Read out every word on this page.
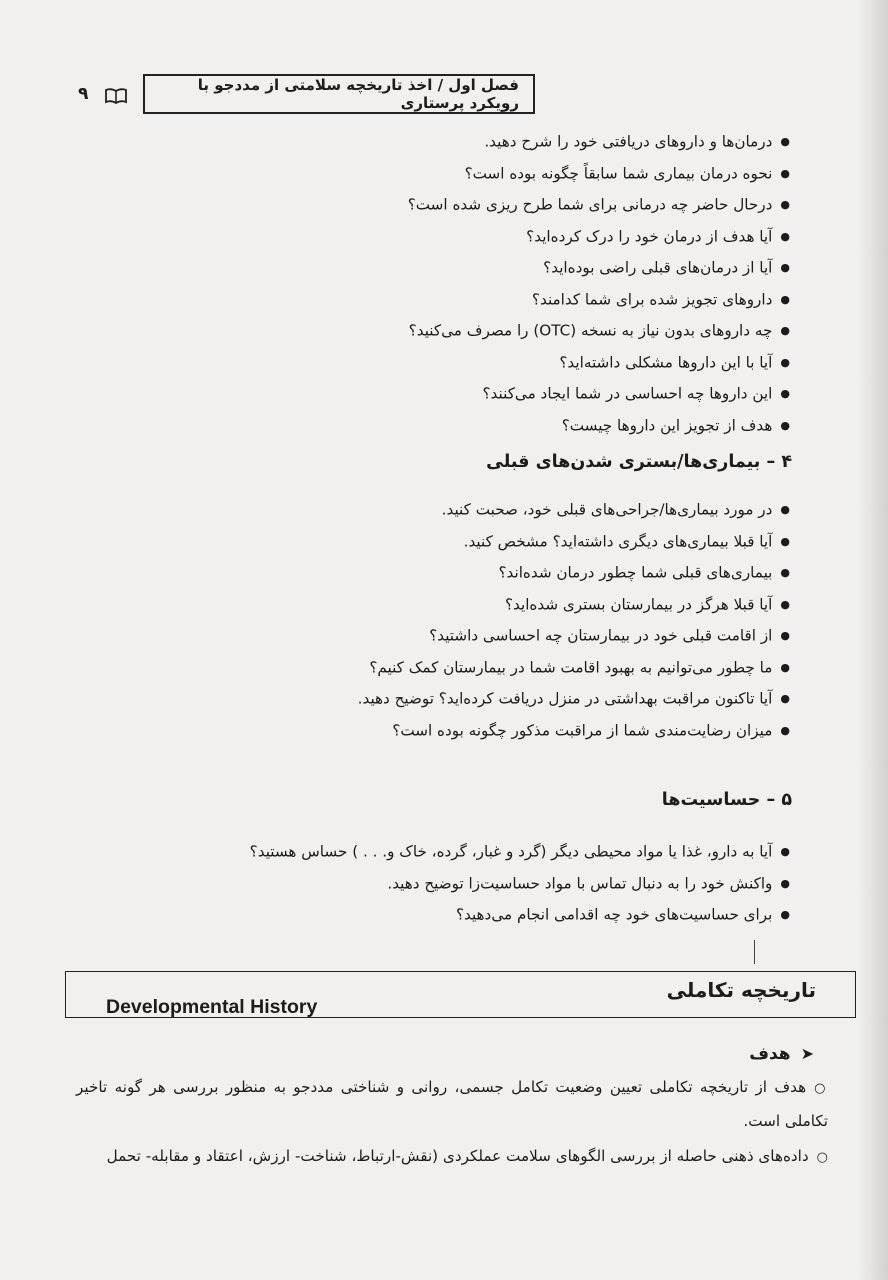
فصل اول / اخذ تاریخچه سلامتی از مددجو با رویکرد پرستاری
۹
●درمان‌ها و داروهای دریافتی خود را شرح دهید.
●نحوه درمان بیماری شما سابقاً چگونه بوده است؟
●درحال حاضر چه درمانی برای شما طرح ریزی شده است؟
●آیا هدف از درمان خود را درک کرده‌اید؟
●آیا از درمان‌های قبلی راضی بوده‌اید؟
●داروهای تجویز شده برای شما کدامند؟
●چه داروهای بدون نیاز به نسخه (OTC) را مصرف می‌کنید؟
●آیا با این داروها مشکلی داشته‌اید؟
●این داروها چه احساسی در شما ایجاد می‌کنند؟
●هدف از تجویز این داروها چیست؟
۴ – بیماری‌ها/بستری شدن‌های قبلی
●در مورد بیماری‌ها/جراحی‌های قبلی خود، صحبت کنید.
●آیا قبلا بیماری‌های دیگری داشته‌اید؟ مشخص کنید.
●بیماری‌های قبلی شما چطور درمان شده‌اند؟
●آیا قبلا هرگز در بیمارستان بستری شده‌اید؟
●از اقامت قبلی خود در بیمارستان چه احساسی داشتید؟
●ما چطور می‌توانیم به بهبود اقامت شما در بیمارستان کمک کنیم؟
●آیا تاکنون مراقبت بهداشتی در منزل دریافت کرده‌اید؟ توضیح دهید.
●میزان رضایت‌مندی شما از مراقبت مذکور چگونه بوده است؟
۵ – حساسیت‌ها
●آیا به دارو، غذا یا مواد محیطی دیگر (گرد و غبار، گرده، خاک و. . . ) حساس هستید؟
●واکنش خود را به دنبال تماس با مواد حساسیت‌زا توضیح دهید.
●برای حساسیت‌های خود چه اقدامی انجام می‌دهید؟
Developmental History
تاریخچه تکاملی
➤هدف
○هدف از تاریخچه تکاملی تعیین وضعیت تکامل جسمی، روانی و شناختی مددجو به منظور بررسی هر گونه تاخیر تکاملی است.
○داده‌های ذهنی حاصله از بررسی الگوهای سلامت عملکردی (نقش-ارتباط، شناخت- ارزش، اعتقاد و مقابله- تحمل
